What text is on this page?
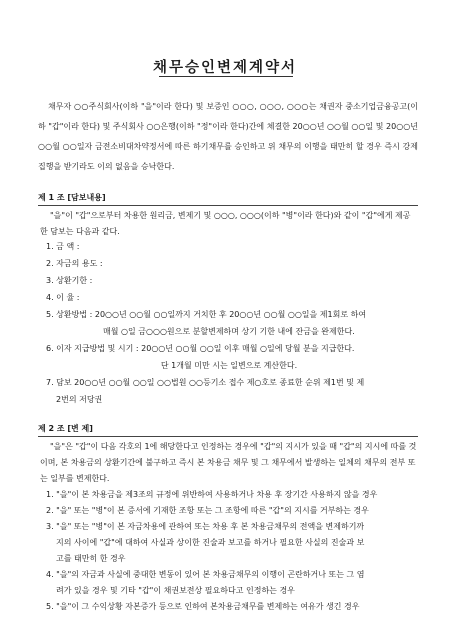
채무승인변제계약서
채무자 ○○주식회사(이하 "을"이라 한다) 및 보증인 ○○○, ○○○, ○○○는 채권자 중소기업금융공고(이하 "갑"이라 한다) 및 주식회사 ○○은행(이하 "정"이라 한다)간에 체결한 20○○년 ○○월 ○○일 및 20○○년 ○○월 ○○일자 금전소비대차약정서에 따른 하기채무를 승인하고 위 채무의 이행을 태만히 할 경우 즉시 강제집행을 받기라도 이의 없음을 승낙한다.
제 1 조 [담보내용]
"을"이 "갑"으로부터 차용한 원리금, 변제기 및 ○○○, ○○○(이하 "병"이라 한다)와 같이 "갑"에게 제공한 담보는 다음과 같다.
1. 금 액 :
2. 자금의 용도 :
3. 상환기한 :
4. 이 율 :
5. 상환방법 : 20○○년 ○○월 ○○일까지 거치한 후 20○○년 ○○월 ○○일을 제1회로 하여
매월 ○일 금○○○원으로 분할변제하며 상기 기한 내에 잔금을 완제한다.
6. 이자 지급방법 및 시기 : 20○○년 ○○월 ○○일 이후 매월 ○일에 당월 분을 지급한다.
단 1개월 미만 시는 일변으로 계산한다.
7. 담보 20○○년 ○○월 ○○일 ○○법원 ○○등기소 접수 제○호로 종료한 순위 제1번 및 제
2번의 저당권
제 2 조 [변 제]
"을"은 "갑"이 다음 각호의 1에 해당한다고 인정하는 경우에 "갑"의 지시가 있을 때 "갑"의 지시에 따를 것이며, 본 차용금의 상환기간에 불구하고 즉시 본 차용금 채무 및 그 채무에서 발생하는 일체의 채무의 전부 또는 일부를 변제한다.
1. "을"이 본 차용금을 제3조의 규정에 위반하여 사용하거나 차용 후 장기간 사용하지 않을 경우
2. "을" 또는 "병"이 본 증서에 기재한 조항 또는 그 조항에 따른 "갑"의 지시를 거부하는 경우
3. "을" 또는 "병"이 본 자금차용에 관하여 또는 차용 후 본 차용금채무의 전액을 변제하기까
지의 사이에 "갑"에 대하여 사실과 상이한 진술과 보고를 하거나 필요한 사실의 진술과 보
고를 태만히 한 경우
4. "을"의 자금과 사실에 중대한 변동이 있어 본 차용금채무의 이행이 곤란하거나 또는 그 염
려가 있을 경우 및 기타 "갑"이 채권보전상 필요하다고 인정하는 경우
5. "을"이 그 수익상황 자본증가 등으로 인하여 본차용금채무를 변제하는 여유가 생긴 경우
